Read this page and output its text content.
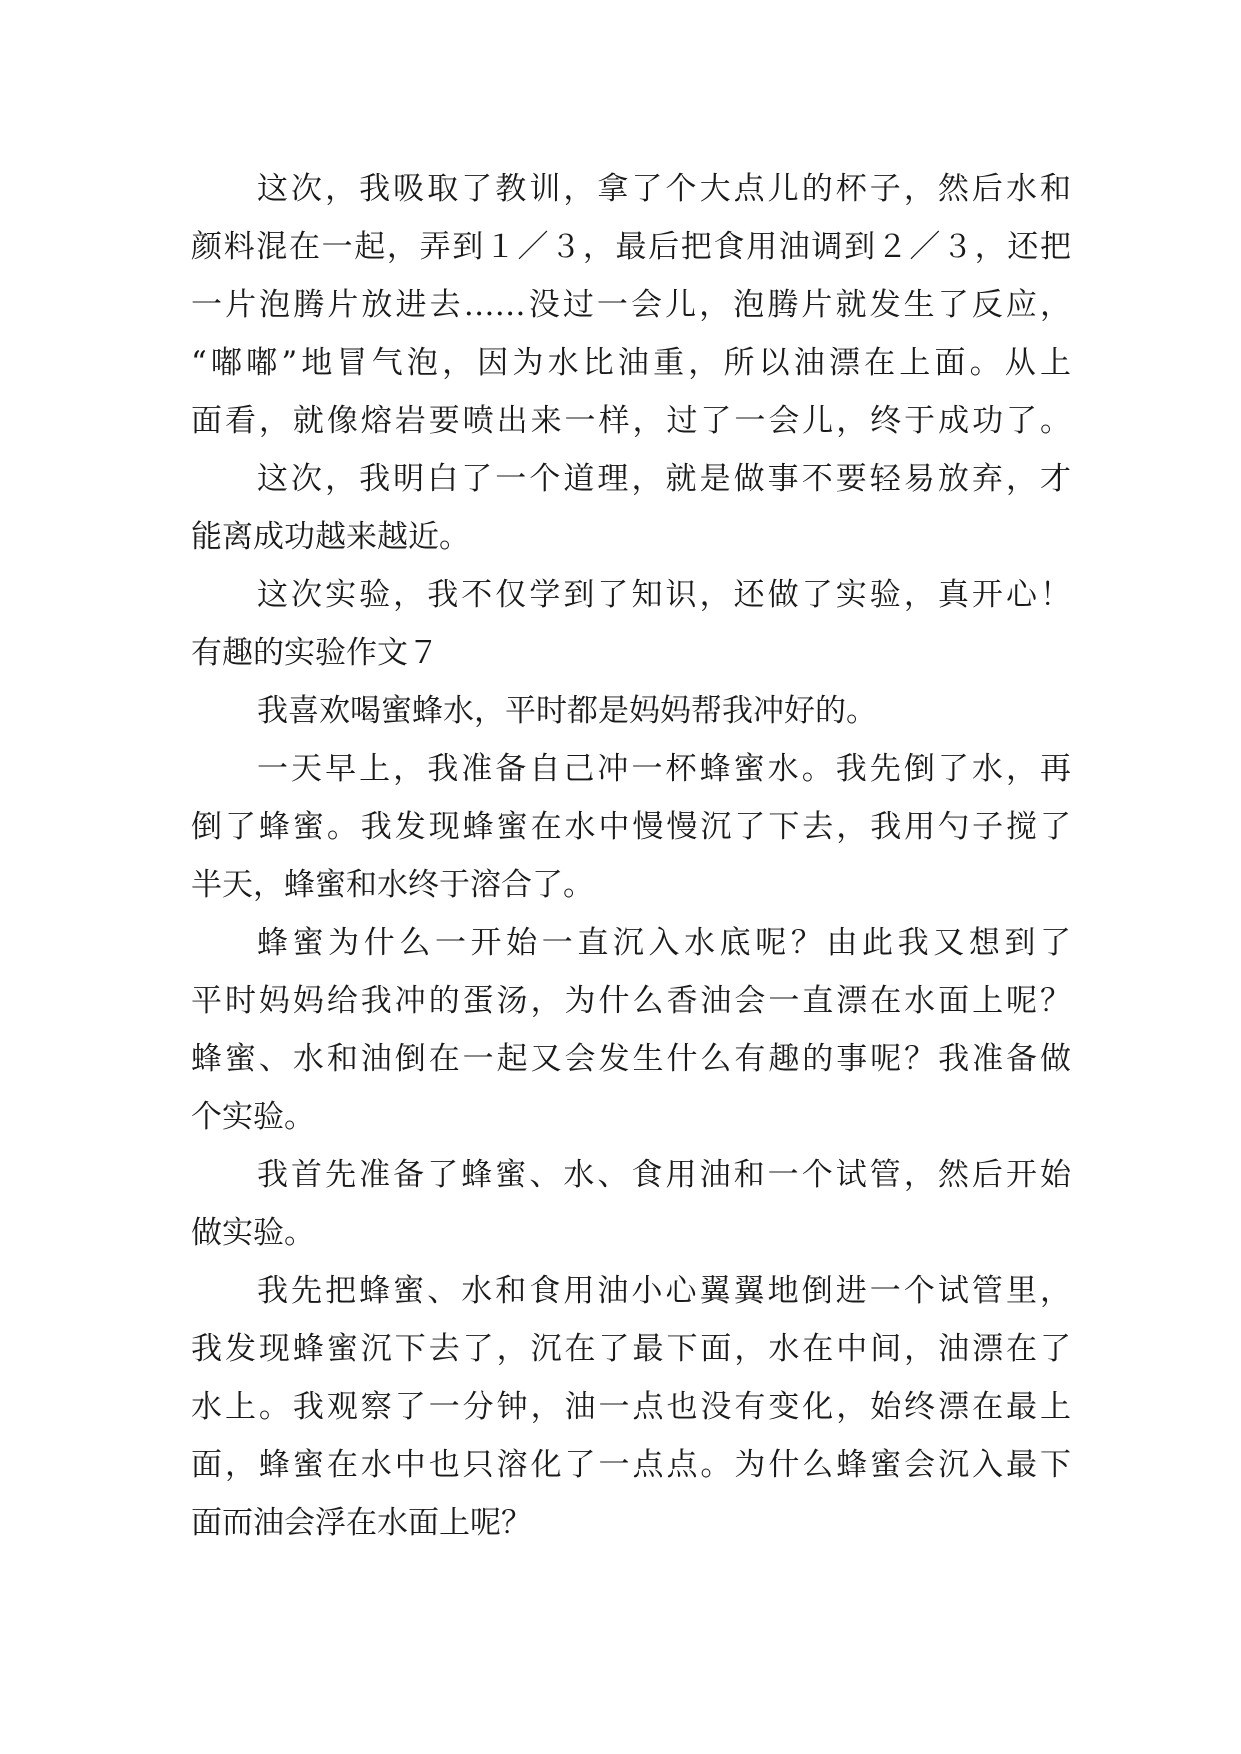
这次，我吸取了教训，拿了个大点儿的杯子，然后水和
颜料混在一起，弄到１／３，最后把食用油调到２／３，还把
一片泡腾片放进去……没过一会儿，泡腾片就发生了反应，
“嘟嘟”地冒气泡，因为水比油重，所以油漂在上面。从上
面看，就像熔岩要喷出来一样，过了一会儿，终于成功了。
这次，我明白了一个道理，就是做事不要轻易放弃，才
能离成功越来越近。
这次实验，我不仅学到了知识，还做了实验，真开心！
有趣的实验作文７
我喜欢喝蜜蜂水，平时都是妈妈帮我冲好的。
一天早上，我准备自己冲一杯蜂蜜水。我先倒了水，再
倒了蜂蜜。我发现蜂蜜在水中慢慢沉了下去，我用勺子搅了
半天，蜂蜜和水终于溶合了。
蜂蜜为什么一开始一直沉入水底呢？由此我又想到了
平时妈妈给我冲的蛋汤，为什么香油会一直漂在水面上呢？
蜂蜜、水和油倒在一起又会发生什么有趣的事呢？我准备做
个实验。
我首先准备了蜂蜜、水、食用油和一个试管，然后开始
做实验。
我先把蜂蜜、水和食用油小心翼翼地倒进一个试管里，
我发现蜂蜜沉下去了，沉在了最下面，水在中间，油漂在了
水上。我观察了一分钟，油一点也没有变化，始终漂在最上
面，蜂蜜在水中也只溶化了一点点。为什么蜂蜜会沉入最下
面而油会浮在水面上呢？
